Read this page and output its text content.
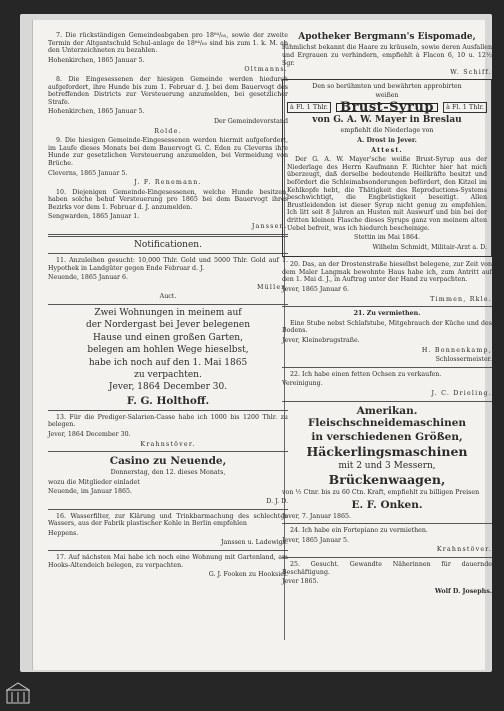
7. Die rückständigen Gemeindeabgaben pro 18⁶⁴/₆₅, sowie der zweite Termin der Altgantschuld Schul-anlage de 18⁶⁴/₆₅ sind bis zum 1. k. M. an den Unterzeichneten zu bezahlen.

Hohenkirchen, 1865 Januar 5.

Oltmanns.

8. Die Eingesessenen der hiesigen Gemeinde werden hiedurch aufgefordert, ihre Hunde bis zum 1. Februar d. J. bei dem Bauervogt des betreffenden Districts zur Versteuerung anzumelden, bei gesetzlicher Strafe.

Hohenkirchen, 1865 Januar 5.

Der Gemeindevorstand

Rolde.

9. Die hiesigen Gemeinde-Eingesessenen werden hiermit aufgefordert, im Laufe dieses Monats bei dem Bauervogt G. C. Eden zu Cleverns ihre Hunde zur gesetzlichen Versteuerung anzumelden, bei Vermeidung von Brüche.

Cleverns, 1865 Januar 5.

J. F. Renemann.

10. Diejenigen Gemeinde-Eingesessenen, welche Hunde besitzen, haben solche behuf Versteuerung pro 1865 bei dem Bauervogt ihres Bezirks vor dem 1. Februar d. J. anzumelden.

Sengwarden, 1865 Januar 1.

Janssen.

Notificationen.

11. Anzuleihen gesucht: 10,000 Thlr. Gold und 5000 Thlr. Gold auf 1. Hypothek in Landgüter gegen Ende Februar d. J.

Neuende, 1865 Januar 6.

Müller,

Auct.

Zwei Wohnungen in meinem auf

der Nordergast bei Jever belegenen

Hause und einen großen Garten,

belegen am hohlen Wege hieselbst,

habe ich noch auf den 1. Mai 1865

zu verpachten.

Jever, 1864 December 30.

F. G. Holthoff.

13. Für die Prediger-Salarien-Casse habe ich 1000 bis 1200 Thlr. zu belegen.

Jever, 1864 December 30.

Krahnstöver.

Casino zu Neuende,

Donnerstag, den 12. dieses Monats,

wozu die Mitglieder einladet

Neuende, im Januar 1865.

D. J. D.

16. Wasserfilter, zur Klärung und Trinkbarmachung des schlechten Wassers, aus der Fabrik plastischer Kohle in Berlin empfehlen

Heppens.

Janssen u. Ladewigs.

17. Auf nächsten Mai habe ich noch eine Wohnung mit Gartenland, am Hooks-Altendeich belegen, zu verpachten.

G. J. Fooken zu Hooksiel.

Apotheker Bergmann's Eispomade,

rühmlichst bekannt die Haare zu kräuseln, sowie deren Ausfallen und Ergrauen zu verhindern, empfiehlt à Flacon 6, 10 u. 12½ Sgr.

W. Schiff.

Den so berühmten und bewährten approbirten

weißen

à Fl. 1 Thlr. Brust-Syrup	à Fl. 1 Thlr.

von G. A. W. Mayer in Breslau

empfiehlt die Niederlage von

A. Drost in Jever.

Attest.

Der G. A. W. Mayer'sche weiße Brust-Syrup aus der Niederlage des Herrn Kaufmann F. Richter hier hat mich überzeugt, daß derselbe bedeutende Heilkräfte besitzt und befördert die Schleimabsonderungen befördert, den Kitzel im Kehlkopfe hebt, die Thätigkeit des Reproductions-Systems beschwichtigt, die Engbrüstigkeit beseitigt. Allen Brustleidenden ist dieser Syrup nicht genug zu empfehlen. Ich litt seit 8 Jahren an Husten mit Auswurf und bin bei der dritten kleinen Flasche dieses Syrups ganz von meinem alten Uebel befreit, was ich hiedurch bescheinige.

Stettin im Mai 1864.

Wilhelm Schmidt, Militair-Arzt a. D.

20. Das, an der Drostenstraße hieselbst belegene, zur Zeit von dem Maler Langmak bewohnte Haus habe ich, zum Antritt auf den 1. Mai d. J., in Auftrag unter der Hand zu verpachten.

Jever, 1865 Januar 6.

Timmen, Rkle.

21. Zu vermiethen.

Eine Stube nebst Schlafstube, Mitgebrauch der Küche und des Bodens.

Jever, Kleinebrugstraße.

H. Bonnenkamp,

Schlossermeister.

22. Ich habe einen fetten Ochsen zu verkaufen.

Vereinigung.

J. C. Drieling.

Amerikan. Fleischschneidemaschinen

in verschiedenen Größen,

Häckerlingsmaschinen

mit 2 und 3 Messern,

Brückenwaagen,

von ½ Ctnr. bis zu 60 Ctn. Kraft, empfiehlt zu billigen Preisen

E. F. Onken.

Jever, 7. Januar 1865.

24. Ich habe ein Fortepiano zu vermiethen.

Jever, 1865 Januar 5.

Krahnstöver.

25. Gesucht. Gewandte Näherinnen für dauernde Beschäftigung.

Jever 1865.

Wolf D. Josephs.
